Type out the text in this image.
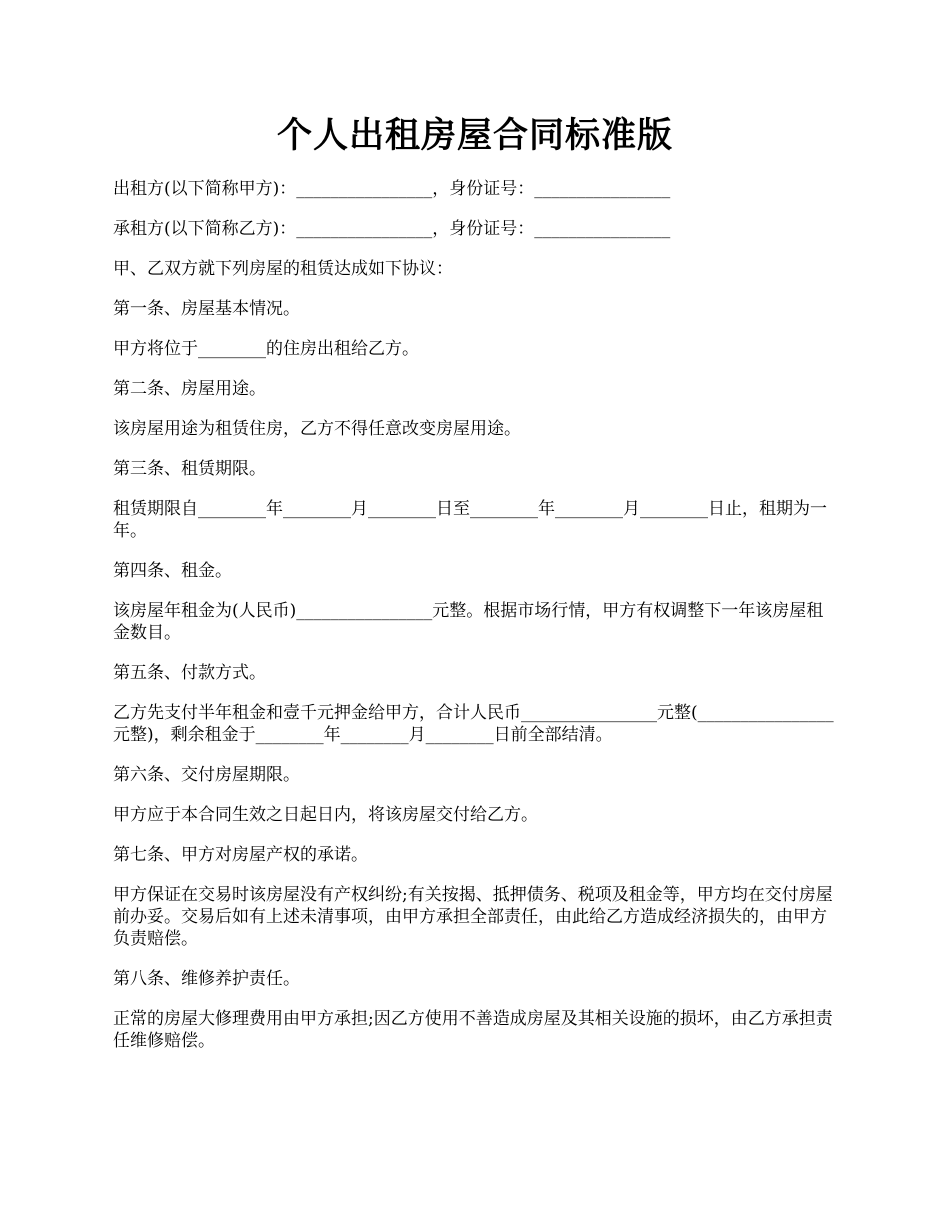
个人出租房屋合同标准版

出租方(以下简称甲方)：________________，身份证号：________________

承租方(以下简称乙方)：________________，身份证号：________________

甲、乙双方就下列房屋的租赁达成如下协议：

第一条、房屋基本情况。

甲方将位于________的住房出租给乙方。

第二条、房屋用途。

该房屋用途为租赁住房，乙方不得任意改变房屋用途。

第三条、租赁期限。

租赁期限自________年________月________日至________年________月________日止，租期为一年。

第四条、租金。

该房屋年租金为(人民币)________________元整。根据市场行情，甲方有权调整下一年该房屋租金数目。

第五条、付款方式。

乙方先支付半年租金和壹千元押金给甲方，合计人民币________________元整(________________元整)，剩余租金于________年________月________日前全部结清。

第六条、交付房屋期限。

甲方应于本合同生效之日起日内，将该房屋交付给乙方。

第七条、甲方对房屋产权的承诺。

甲方保证在交易时该房屋没有产权纠纷;有关按揭、抵押债务、税项及租金等，甲方均在交付房屋前办妥。交易后如有上述未清事项，由甲方承担全部责任，由此给乙方造成经济损失的，由甲方负责赔偿。

第八条、维修养护责任。

正常的房屋大修理费用由甲方承担;因乙方使用不善造成房屋及其相关设施的损坏，由乙方承担责任维修赔偿。
